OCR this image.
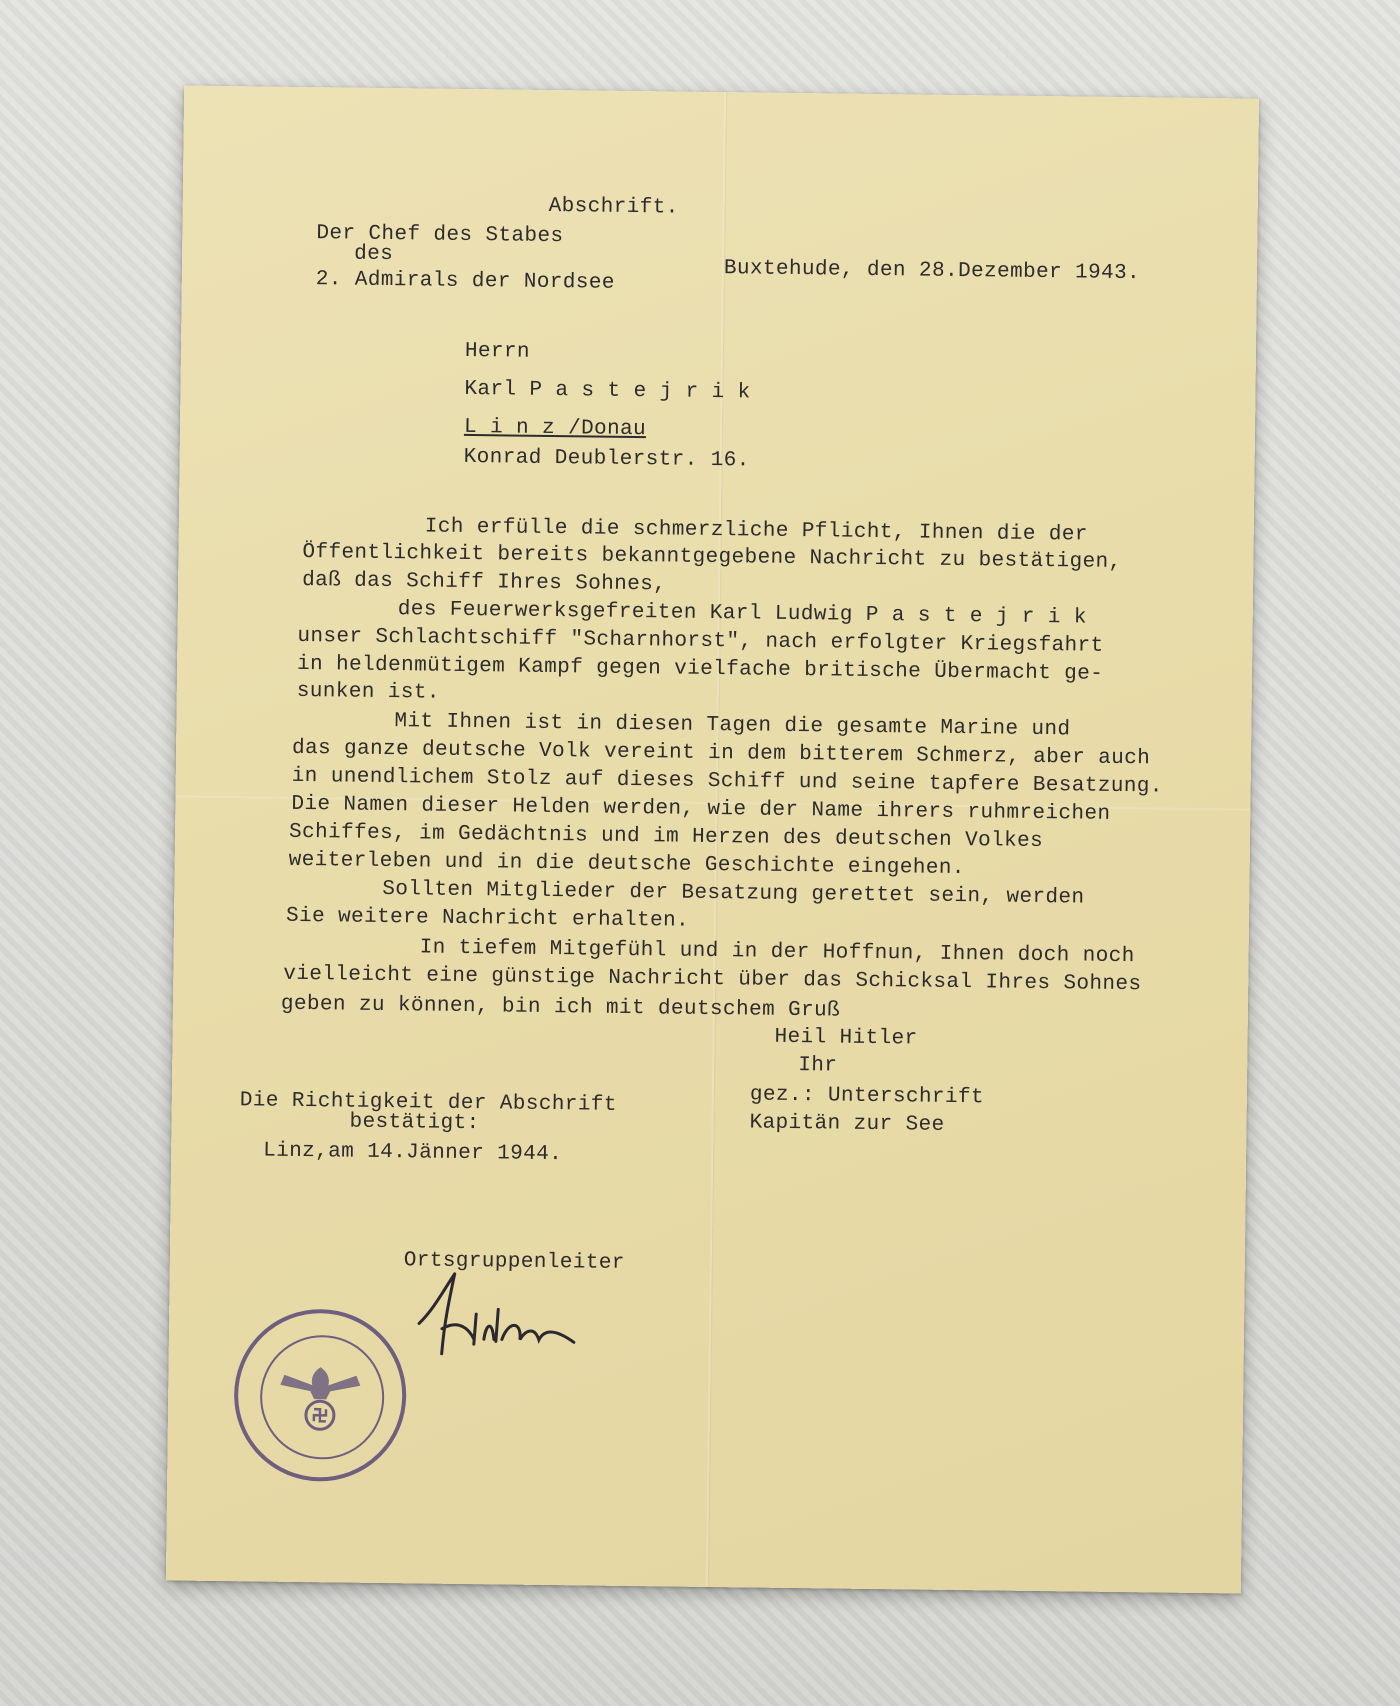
Abschrift.
Der Chef des Stabes
des
2. Admirals der Nordsee	Buxtehude, den 28.Dezember 1943.
Herrn
Karl P a s t e j r i k
L i n z /Donau
Konrad Deublerstr. 16.
Ich erfülle die schmerzliche Pflicht, Ihnen die der
Öffentlichkeit bereits bekanntgegebene Nachricht zu bestätigen,
daß das Schiff Ihres Sohnes,
des Feuerwerksgefreiten Karl Ludwig P a s t e j r i k
unser Schlachtschiff "Scharnhorst", nach erfolgter Kriegsfahrt
in heldenmütigem Kampf gegen vielfache britische Übermacht ge-
sunken ist.
Mit Ihnen ist in diesen Tagen die gesamte Marine und
das ganze deutsche Volk vereint in dem bitterem Schmerz, aber auch
in unendlichem Stolz auf dieses Schiff und seine tapfere Besatzung.
Die Namen dieser Helden werden, wie der Name ihrers ruhmreichen
Schiffes, im Gedächtnis und im Herzen des deutschen Volkes
weiterleben und in die deutsche Geschichte eingehen.
Sollten Mitglieder der Besatzung gerettet sein, werden
Sie weitere Nachricht erhalten.
In tiefem Mitgefühl und in der Hoffnun, Ihnen doch noch
vielleicht eine günstige Nachricht über das Schicksal Ihres Sohnes
geben zu können, bin ich mit deutschem Gruß
Heil Hitler
Ihr
gez.: Unterschrift
Kapitän zur See
Die Richtigkeit der Abschrift
bestätigt:
Linz,am 14.Jänner 1944.
Ortsgruppenleiter
